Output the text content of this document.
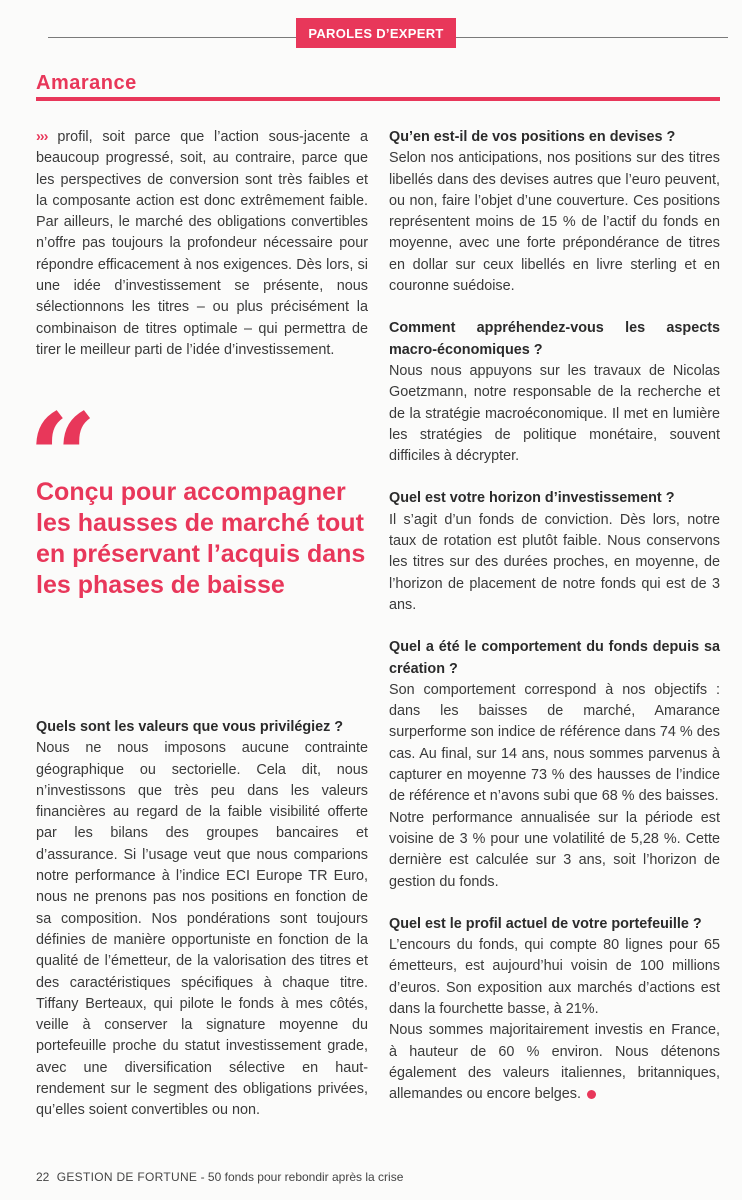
PAROLES D’EXPERT
Amarance

››› profil, soit parce que l’action sous-jacente a beaucoup progressé, soit, au contraire, parce que les perspectives de conversion sont très faibles et la composante action est donc extrêmement faible. Par ailleurs, le marché des obligations convertibles n’offre pas toujours la profondeur nécessaire pour répondre efficacement à nos exigences. Dès lors, si une idée d’investissement se présente, nous sélectionnons les titres – ou plus précisément la combinaison de titres optimale – qui permettra de tirer le meilleur parti de l’idée d’investissement.

“

Conçu pour accompagner les hausses de marché tout en préservant l’acquis dans les phases de baisse

Quels sont les valeurs que vous privilégiez ?

Nous ne nous imposons aucune contrainte géographique ou sectorielle. Cela dit, nous n’investissons que très peu dans les valeurs financières au regard de la faible visibilité offerte par les bilans des groupes bancaires et d’assurance. Si l’usage veut que nous comparions notre performance à l’indice ECI Europe TR Euro, nous ne prenons pas nos positions en fonction de sa composition. Nos pondérations sont toujours définies de manière opportuniste en fonction de la qualité de l’émetteur, de la valorisation des titres et des caractéristiques spécifiques à chaque titre. Tiffany Berteaux, qui pilote le fonds à mes côtés, veille à conserver la signature moyenne du portefeuille proche du statut investissement grade, avec une diversification sélective en haut-rendement sur le segment des obligations privées, qu’elles soient convertibles ou non.

Qu’en est-il de vos positions en devises ?

Selon nos anticipations, nos positions sur des titres libellés dans des devises autres que l’euro peuvent, ou non, faire l’objet d’une couverture. Ces positions représentent moins de 15 % de l’actif du fonds en moyenne, avec une forte prépondérance de titres en dollar sur ceux libellés en livre sterling et en couronne suédoise.

Comment appréhendez-vous les aspects macro-économiques ?

Nous nous appuyons sur les travaux de Nicolas Goetzmann, notre responsable de la recherche et de la stratégie macroéconomique. Il met en lumière les stratégies de politique monétaire, souvent difficiles à décrypter.

Quel est votre horizon d’investissement ?

Il s’agit d’un fonds de conviction. Dès lors, notre taux de rotation est plutôt faible. Nous conservons les titres sur des durées proches, en moyenne, de l’horizon de placement de notre fonds qui est de 3 ans.

Quel a été le comportement du fonds depuis sa création ?

Son comportement correspond à nos objectifs : dans les baisses de marché, Amarance surperforme son indice de référence dans 74 % des cas. Au final, sur 14 ans, nous sommes parvenus à capturer en moyenne 73 % des hausses de l’indice de référence et n’avons subi que 68 % des baisses.

Notre performance annualisée sur la période est voisine de 3 % pour une volatilité de 5,28 %. Cette dernière est calculée sur 3 ans, soit l’horizon de gestion du fonds.

Quel est le profil actuel de votre portefeuille ?

L’encours du fonds, qui compte 80 lignes pour 65 émetteurs, est aujourd’hui voisin de 100 millions d’euros. Son exposition aux marchés d’actions est dans la fourchette basse, à 21%.

Nous sommes majoritairement investis en France, à hauteur de 60 % environ. Nous détenons également des valeurs italiennes, britanniques, allemandes ou encore belges.

22 GESTION DE FORTUNE - 50 fonds pour rebondir après la crise
